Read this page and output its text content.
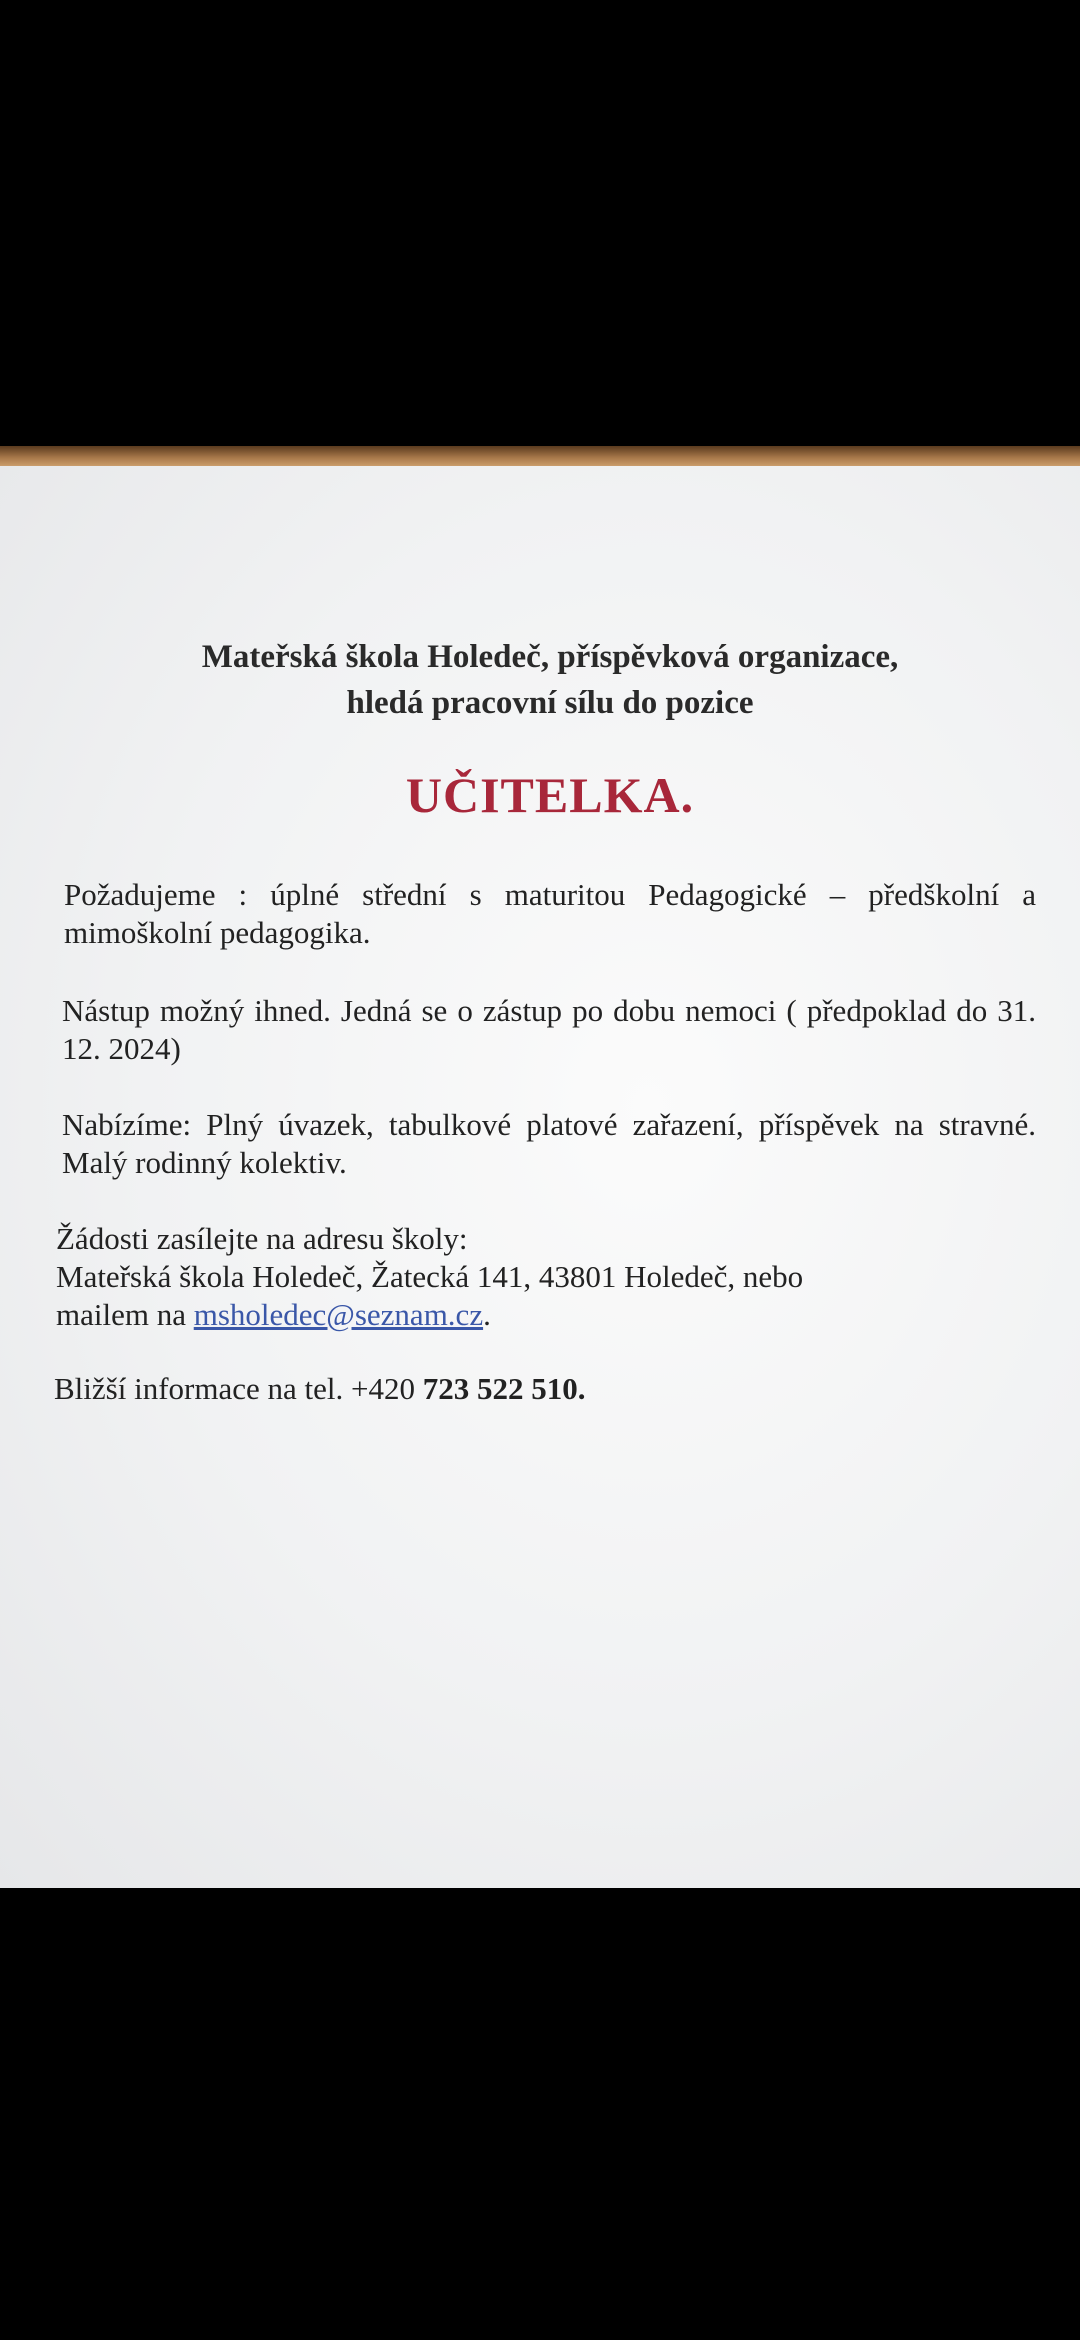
Mateřská škola Holedeč, příspěvková organizace,
hledá pracovní sílu do pozice
UČITELKA.
Požadujeme : úplné střední s maturitou Pedagogické – předškolní a mimoškolní pedagogika.
Nástup možný ihned. Jedná se o zástup po dobu nemoci ( předpoklad do 31. 12. 2024)
Nabízíme: Plný úvazek, tabulkové platové zařazení, příspěvek na stravné. Malý rodinný kolektiv.
Žádosti zasílejte na adresu školy:
Mateřská škola Holedeč, Žatecká 141, 43801 Holedeč, nebo
mailem na msholedec@seznam.cz.
Bližší informace na tel. +420 723 522 510.
